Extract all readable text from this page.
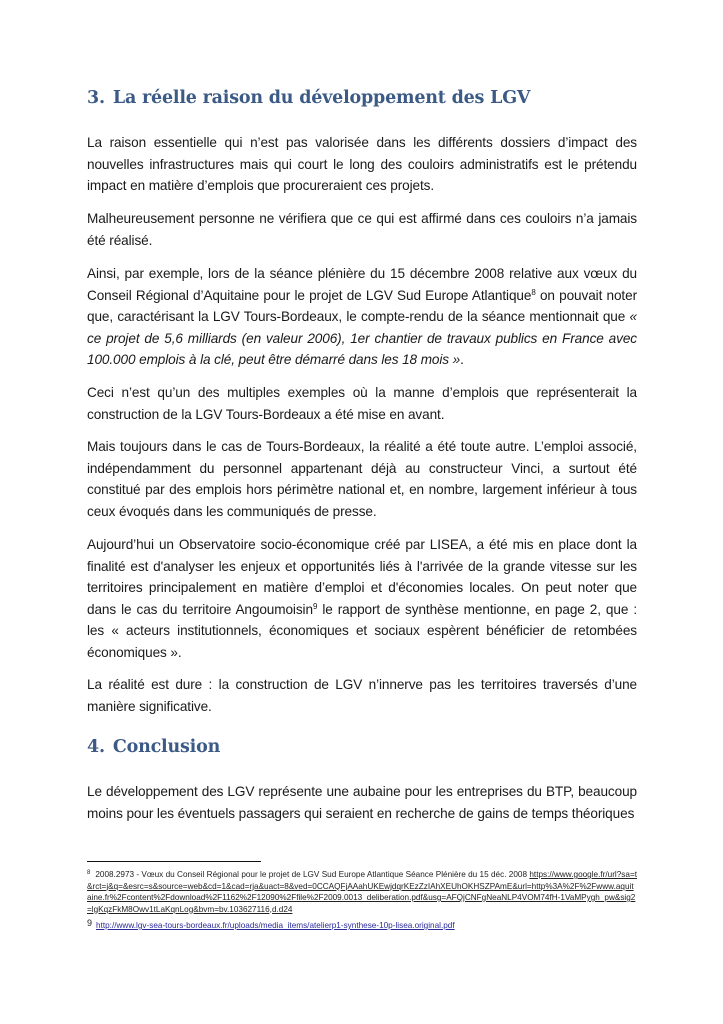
3. La réelle raison du développement des LGV

La raison essentielle qui n’est pas valorisée dans les différents dossiers d’impact des nouvelles infrastructures mais qui court le long des couloirs administratifs est le prétendu impact en matière d’emplois que procureraient ces projets.

Malheureusement personne ne vérifiera que ce qui est affirmé dans ces couloirs n’a jamais été réalisé.

Ainsi, par exemple, lors de la séance plénière du 15 décembre 2008 relative aux vœux du Conseil Régional d’Aquitaine pour le projet de LGV Sud Europe Atlantique$^8$ on pouvait noter que, caractérisant la LGV Tours-Bordeaux, le compte-rendu de la séance mentionnait que « ce projet de 5,6 milliards (en valeur 2006), 1er chantier de travaux publics en France avec 100.000 emplois à la clé, peut être démarré dans les 18 mois ».

Ceci n’est qu’un des multiples exemples où la manne d’emplois que représenterait la construction de la LGV Tours-Bordeaux a été mise en avant.

Mais toujours dans le cas de Tours-Bordeaux, la réalité a été toute autre. L’emploi associé, indépendamment du personnel appartenant déjà au constructeur Vinci, a surtout été constitué par des emplois hors périmètre national et, en nombre, largement inférieur à tous ceux évoqués dans les communiqués de presse.

Aujourd’hui un Observatoire socio-économique créé par LISEA, a été mis en place dont la finalité est d'analyser les enjeux et opportunités liés à l'arrivée de la grande vitesse sur les territoires principalement en matière d’emploi et d'économies locales. On peut noter que dans le cas du territoire Angoumoisin$^9$ le rapport de synthèse mentionne, en page 2, que : les « acteurs institutionnels, économiques et sociaux espèrent bénéficier de retombées économiques ».

La réalité est dure : la construction de LGV n’innerve pas les territoires traversés d’une manière significative.

4. Conclusion

Le développement des LGV représente une aubaine pour les entreprises du BTP, beaucoup moins pour les éventuels passagers qui seraient en recherche de gains de temps théoriques

$^8$ 2008.2973 - Vœux du Conseil Régional pour le projet de LGV Sud Europe Atlantique Séance Plénière du 15 déc. 2008 https://www.google.fr/url?sa=t&rct=j&q=&esrc=s&source=web&cd=1&cad=rja&uact=8&ved=0CCAQFjAAahUKEwjdqrKEzZzIAhXEUhOKHSZPAmE&url=http%3A%2F%2Fwww.aquitaine.fr%2Fcontent%2Fdownload%2F1162%2F12090%2Ffile%2F2009.0013_deliberation.pdf&usg=AFQjCNFgNeaNLP4VOM74fH-1VaMPygh_pw&sig2=lgKqzFkM8Owv1tLaKqnLog&bvm=bv.103627116,d.d24
9 http://www.lgv-sea-tours-bordeaux.fr/uploads/media_items/atelierp1-synthese-10p-lisea.original.pdf
